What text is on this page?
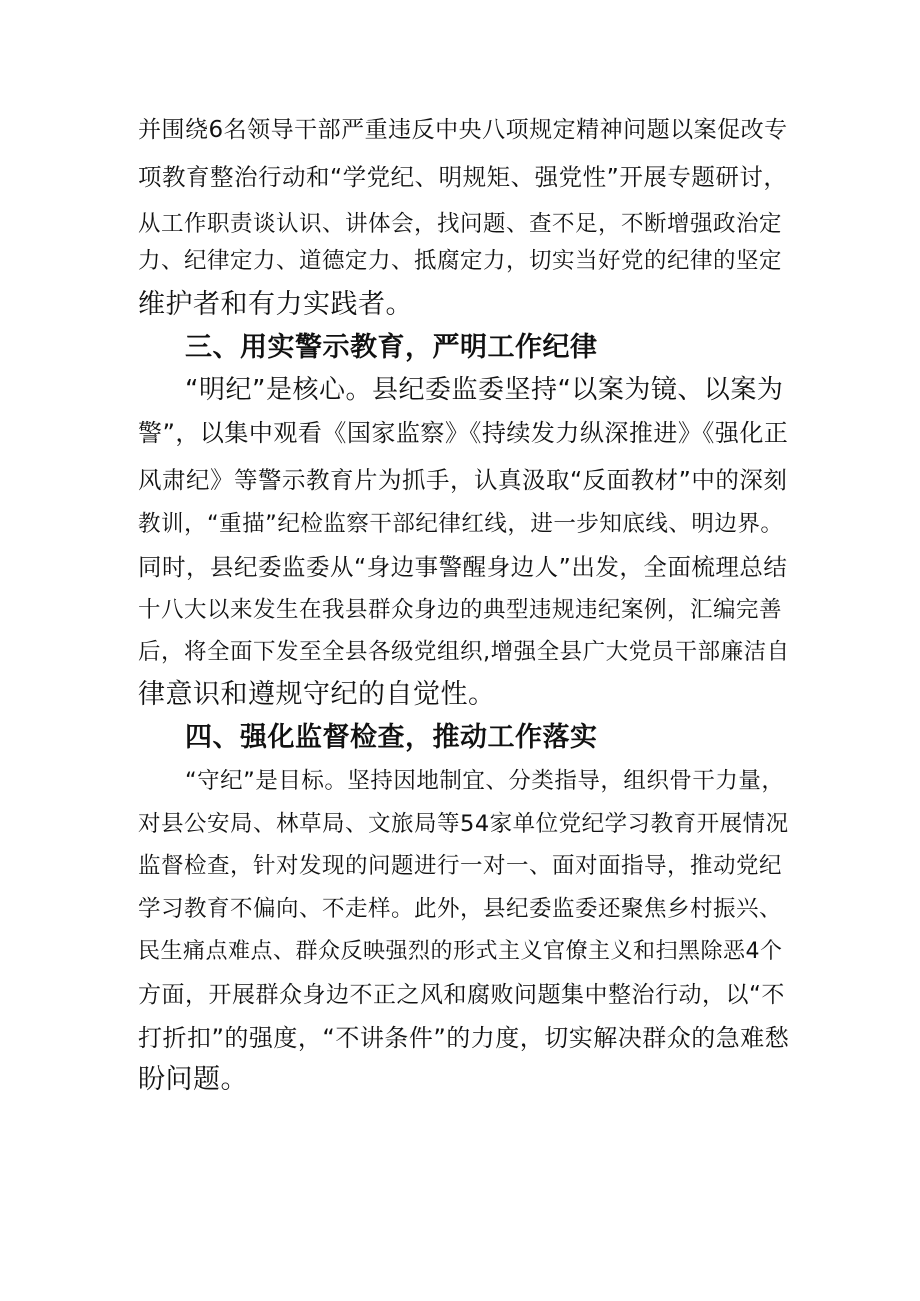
并围绕6名领导干部严重违反中央八项规定精神问题以案促改专
项教育整治行动和“学党纪、明规矩、强党性”开展专题研讨，
从工作职责谈认识、讲体会，找问题、查不足，不断增强政治定
力、纪律定力、道德定力、抵腐定力，切实当好党的纪律的坚定
维护者和有力实践者。
三、用实警示教育，严明工作纪律
“明纪”是核心。县纪委监委坚持“以案为镜、以案为
警”，以集中观看《国家监察》《持续发力纵深推进》《强化正
风肃纪》等警示教育片为抓手，认真汲取“反面教材”中的深刻
教训，“重描”纪检监察干部纪律红线，进一步知底线、明边界。
同时，县纪委监委从“身边事警醒身边人”出发，全面梳理总结
十八大以来发生在我县群众身边的典型违规违纪案例，汇编完善
后，将全面下发至全县各级党组织,增强全县广大党员干部廉洁自
律意识和遵规守纪的自觉性。
四、强化监督检查，推动工作落实
“守纪”是目标。坚持因地制宜、分类指导，组织骨干力量，
对县公安局、林草局、文旅局等54家单位党纪学习教育开展情况
监督检查，针对发现的问题进行一对一、面对面指导，推动党纪
学习教育不偏向、不走样。此外，县纪委监委还聚焦乡村振兴、
民生痛点难点、群众反映强烈的形式主义官僚主义和扫黑除恶4个
方面，开展群众身边不正之风和腐败问题集中整治行动，以“不
打折扣”的强度，“不讲条件”的力度，切实解决群众的急难愁
盼问题。
